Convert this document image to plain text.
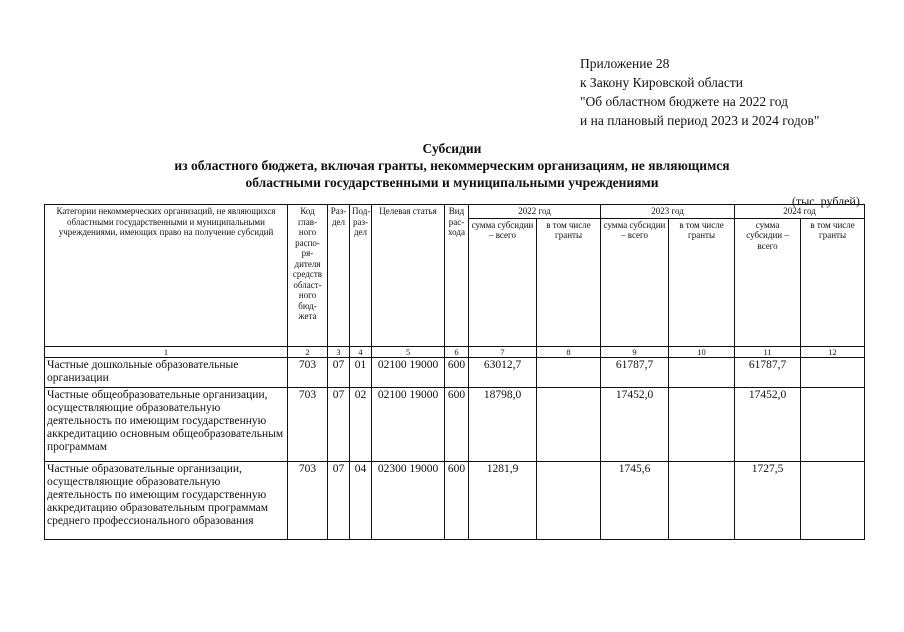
Приложение 28
к Закону Кировской области
"Об областном бюджете на 2022 год
и на плановый период 2023 и 2024 годов"
Субсидии
из областного бюджета, включая гранты, некоммерческим организациям, не являющимся
областными государственными и муниципальными учреждениями
(тыс. рублей)
Категории некоммерческих организаций, не являющихся областными государственными и муниципальными учреждениями, имеющих право на получение субсидий	Код глав-ного распо-ря-дителя средств област-ного бюд-жета	Раз-дел	Под-раз-дел	Целевая статья	Вид рас-хода	2022 год		2023 год		2024 год	
						сумма субсидии – всего	в том числе гранты	сумма субсидии – всего	в том числе гранты	сумма субсидии – всего	в том числе гранты
1	2	3	4	5	6	7	8	9	10	11	12
Частные дошкольные образовательные организации	703	07	01	02100 19000	600	63012,7		61787,7		61787,7	
Частные общеобразовательные организации, осуществляющие образовательную деятельность по имеющим государственную аккредитацию основным общеобразовательным программам	703	07	02	02100 19000	600	18798,0		17452,0		17452,0	
Частные образовательные организации, осуществляющие образовательную деятельность по имеющим государственную аккредитацию образовательным программам среднего профессионального образования	703	07	04	02300 19000	600	1281,9		1745,6		1727,5	
